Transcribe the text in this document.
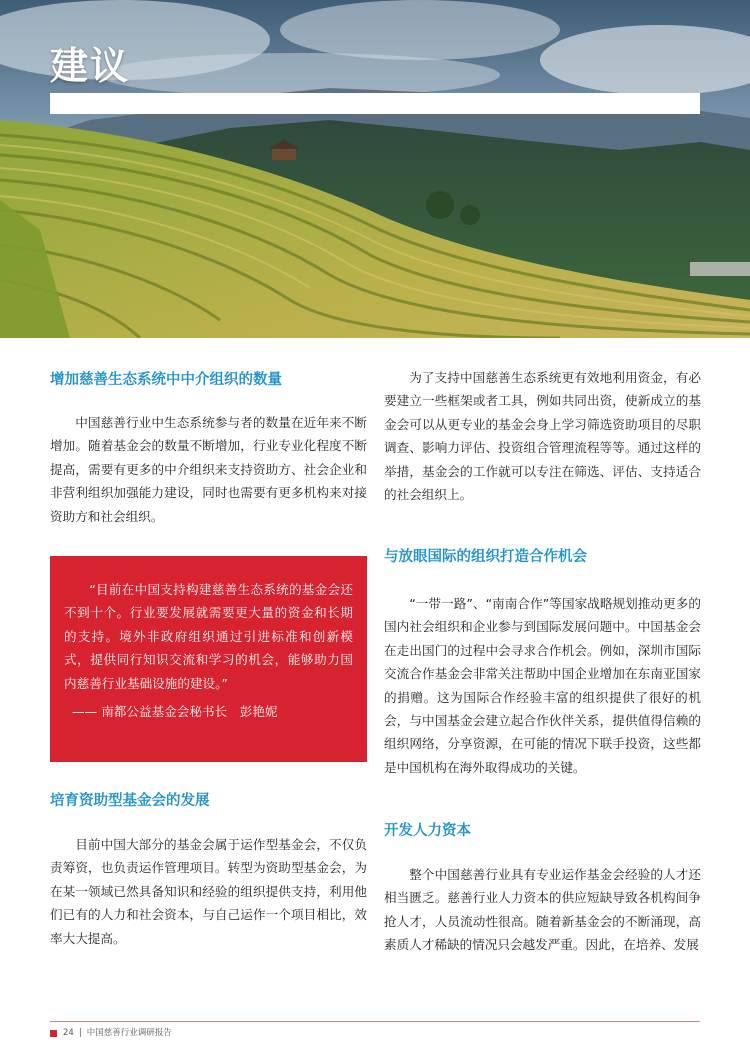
建议
增加慈善生态系统中中介组织的数量
中国慈善行业中生态系统参与者的数量在近年来不断增加。随着基金会的数量不断增加，行业专业化程度不断提高，需要有更多的中介组织来支持资助方、社会企业和非营利组织加强能力建设，同时也需要有更多机构来对接资助方和社会组织。
“目前在中国支持构建慈善生态系统的基金会还不到十个。行业要发展就需要更大量的资金和长期的支持。境外非政府组织通过引进标准和创新模式，提供同行知识交流和学习的机会，能够助力国内慈善行业基础设施的建设。”
—— 南都公益基金会秘书长　彭艳妮
培育资助型基金会的发展
目前中国大部分的基金会属于运作型基金会，不仅负责筹资，也负责运作管理项目。转型为资助型基金会，为在某一领域已然具备知识和经验的组织提供支持，利用他们已有的人力和社会资本，与自己运作一个项目相比，效率大大提高。
为了支持中国慈善生态系统更有效地利用资金，有必要建立一些框架或者工具，例如共同出资，使新成立的基金会可以从更专业的基金会身上学习筛选资助项目的尽职调查、影响力评估、投资组合管理流程等等。通过这样的举措，基金会的工作就可以专注在筛选、评估、支持适合的社会组织上。
与放眼国际的组织打造合作机会
“一带一路”、“南南合作”等国家战略规划推动更多的国内社会组织和企业参与到国际发展问题中。中国基金会在走出国门的过程中会寻求合作机会。例如，深圳市国际交流合作基金会非常关注帮助中国企业增加在东南亚国家的捐赠。这为国际合作经验丰富的组织提供了很好的机会，与中国基金会建立起合作伙伴关系，提供值得信赖的组织网络，分享资源，在可能的情况下联手投资，这些都是中国机构在海外取得成功的关键。
开发人力资本
整个中国慈善行业具有专业运作基金会经验的人才还相当匮乏。慈善行业人力资本的供应短缺导致各机构间争抢人才，人员流动性很高。随着新基金会的不断涌现，高素质人才稀缺的情况只会越发严重。因此，在培养、发展
24 | 中国慈善行业调研报告
